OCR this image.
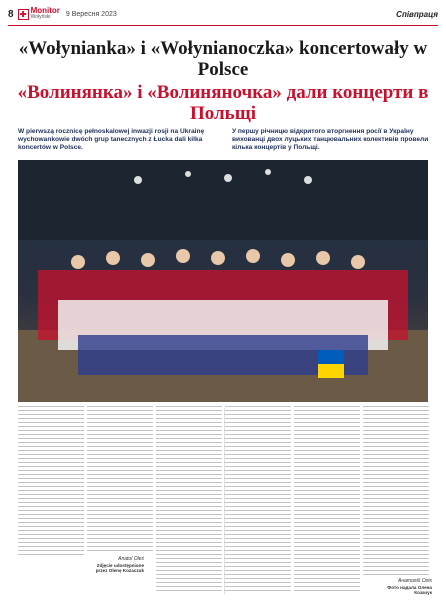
8 ✚ Monitor
Wołyński	9 Вересня 2023	Співпраця
«Wołynianka» i «Wołynianoczka» koncertowały w Polsce
«Волинянка» і «Волиняночка» дали концерти в Польщі
W pierwszą rocznicę pełnoskalowej inwazji rosji na Ukrainę wychowankowie dwóch grup tanecznych z Łucka dali kilka koncertów w Polsce.
У першу річницю відкритого вторгнення росії в Україну вихованці двох луцьких танцювальних колективів провели кілька концертів у Польщі.
Anatol Oleś
Zdjęcie udostępnione przez Olenę Kozaczuk
Анатолій Оліх
Фото надала Олена Козачук
